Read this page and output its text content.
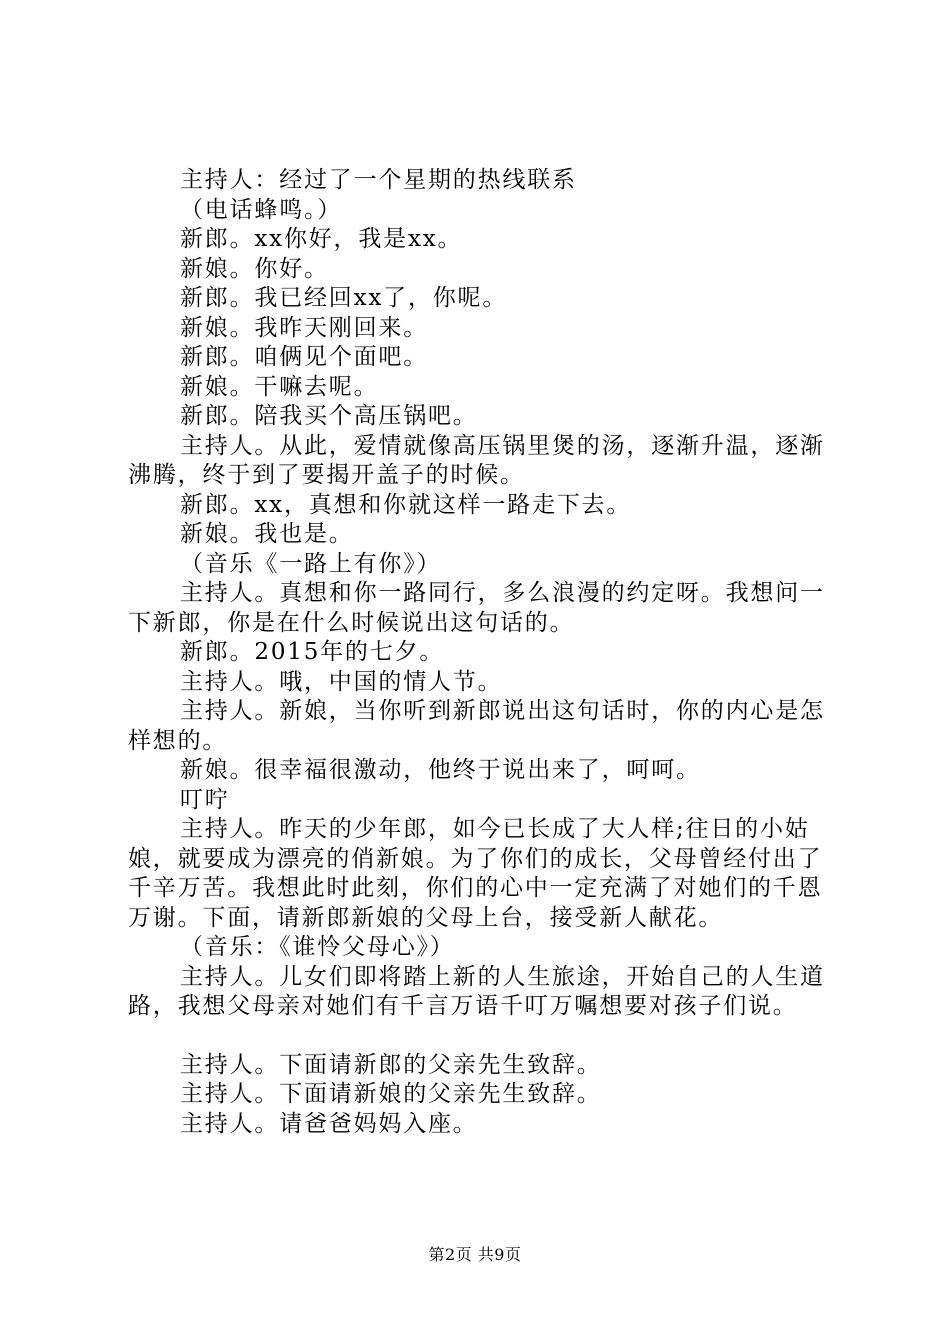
主持人：经过了一个星期的热线联系

（电话蜂鸣。）

新郎。xx你好，我是xx。

新娘。你好。

新郎。我已经回xx了，你呢。

新娘。我昨天刚回来。

新郎。咱俩见个面吧。

新娘。干嘛去呢。

新郎。陪我买个高压锅吧。

主持人。从此，爱情就像高压锅里煲的汤，逐渐升温，逐渐沸腾，终于到了要揭开盖子的时候。

新郎。xx，真想和你就这样一路走下去。

新娘。我也是。

（音乐《一路上有你》）

主持人。真想和你一路同行，多么浪漫的约定呀。我想问一下新郎，你是在什么时候说出这句话的。

新郎。2015年的七夕。

主持人。哦，中国的情人节。

主持人。新娘，当你听到新郎说出这句话时，你的内心是怎样想的。

新娘。很幸福很激动，他终于说出来了，呵呵。

叮咛

主持人。昨天的少年郎，如今已长成了大人样;往日的小姑娘，就要成为漂亮的俏新娘。为了你们的成长，父母曾经付出了千辛万苦。我想此时此刻，你们的心中一定充满了对她们的千恩万谢。下面，请新郎新娘的父母上台，接受新人献花。

（音乐：《谁怜父母心》）

主持人。儿女们即将踏上新的人生旅途，开始自己的人生道路，我想父母亲对她们有千言万语千叮万嘱想要对孩子们说。

主持人。下面请新郎的父亲先生致辞。

主持人。下面请新娘的父亲先生致辞。

主持人。请爸爸妈妈入座。

第2页 共9页
